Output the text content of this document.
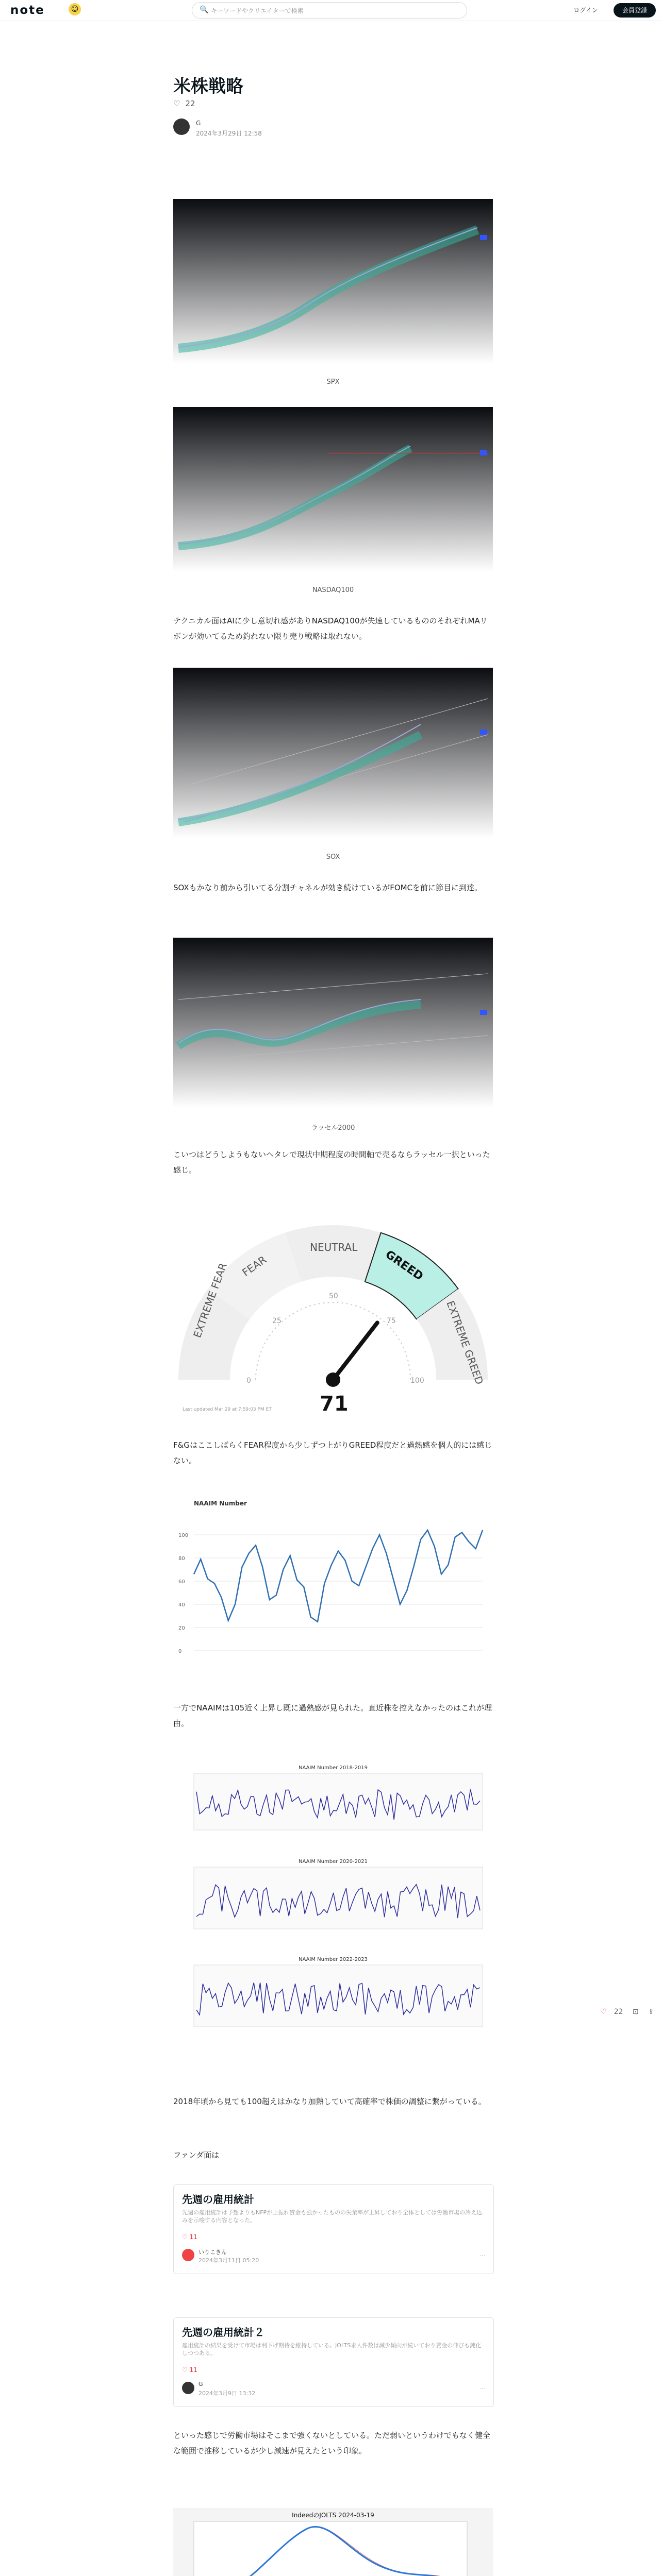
note	☺	🔍 キーワードやクリエイターで検索	ログイン	会員登録
米株戦略
♡ 22
G
2024年3月29日 12:58
SPX
NASDAQ100
テクニカル面はAIに少し意切れ感がありNASDAQ100が失速しているもののそれぞれMAリボンが効いてるため釣れない限り売り戦略は取れない。
SOX
SOXもかなり前から引いてる分割チャネルが効き続けているがFOMCを前に節目に到達。
ラッセル2000
こいつはどうしようもないヘタレで現状中期程度の時間軸で売るならラッセル一択といった感じ。
EXTREME FEAR FEAR
NEUTRAL
GREED
EXTREME GREED
0
25
50
75
100
71
Last updated Mar 29 at 7:59:03 PM ET
F&GはここしばらくFEAR程度から少しずつ上がりGREED程度だと過熱感を個人的には感じない。
NAAIM Number
0
20
40
60
80
100
一方でNAAIMは105近く上昇し既に過熱感が見られた。直近株を控えなかったのはこれが理由。
NAAIM Number 2018-2019
NAAIM Number 2020-2021
NAAIM Number 2022-2023
2018年頃から見ても100超えはかなり加熱していて高確率で株価の調整に繋がっている。
ファンダ面は
先週の雇用統計
先週の雇用統計は予想よりもNFPが上振れ賃金も強かったものの失業率が上昇しており全体としては労働市場の冷え込みを示唆する内容となった。
♡ 11
いりこきん
2024年3月11日 05:20
⋯
先週の雇用統計２
雇用統計の結果を受けて市場は利下げ期待を維持している。JOLTS求人件数は減少傾向が続いており賃金の伸びも鈍化しつつある。
♡ 11
G
2024年3月9日 13:32
⋯
といった感じで労働市場はそこまで強くないとしている。ただ弱いというわけでもなく健全な範囲で推移しているが少し減速が見えたという印象。
IndeedのJOLTS 2024-03-19

♡ 22 ⊡ ⇪
